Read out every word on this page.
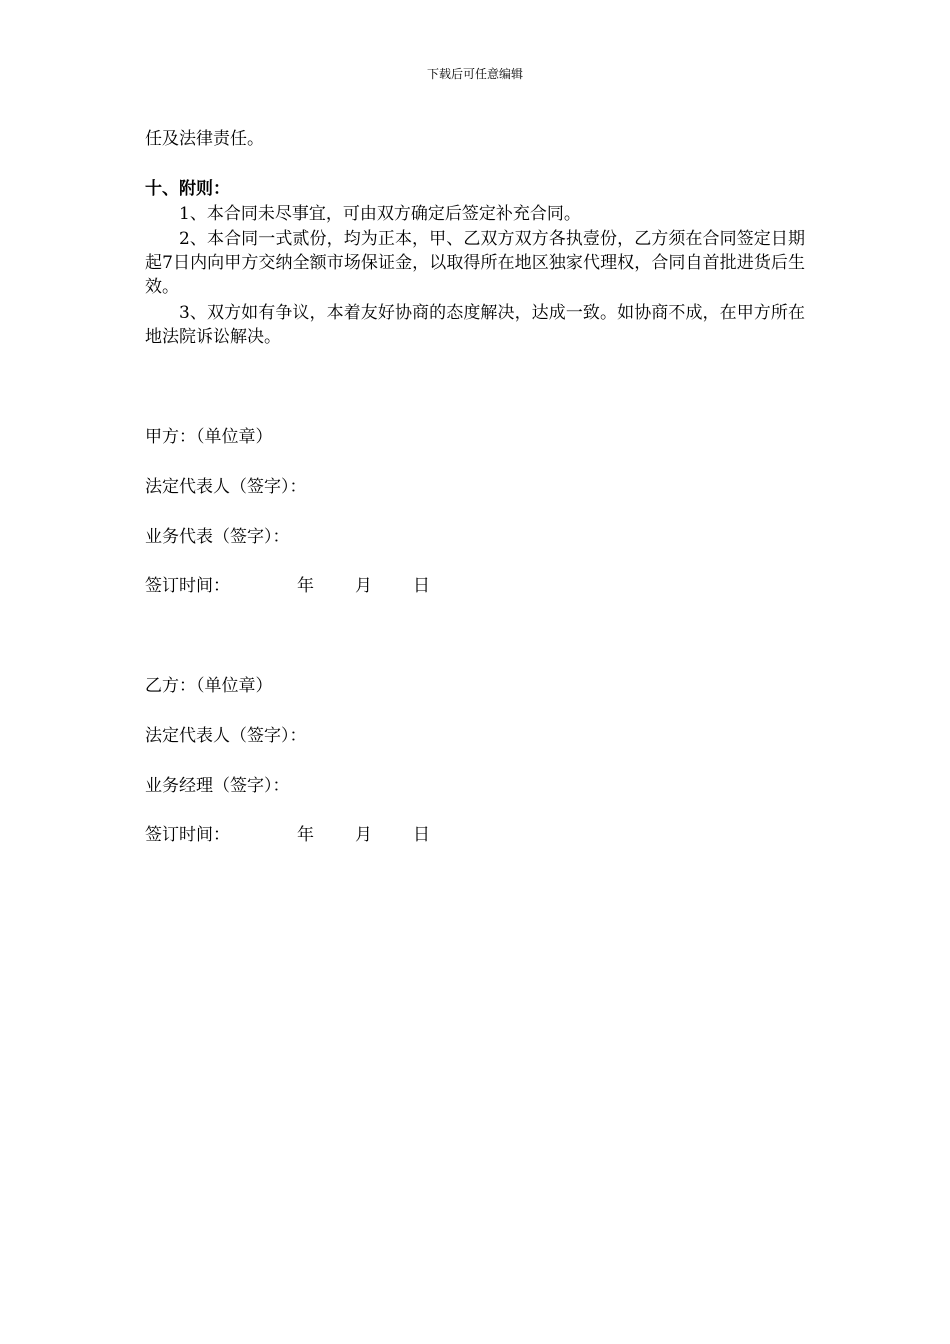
下载后可任意编辑
任及法律责任。
十、附则：
1、本合同未尽事宜，可由双方确定后签定补充合同。
2、本合同一式贰份，均为正本，甲、乙双方双方各执壹份，乙方须在合同签定日期起7日内向甲方交纳全额市场保证金，以取得所在地区独家代理权，合同自首批进货后生效。
3、双方如有争议，本着友好协商的态度解决，达成一致。如协商不成，在甲方所在地法院诉讼解决。
甲方：（单位章）
法定代表人（签字）：
业务代表（签字）：
签订时间：	年 月 日
乙方：（单位章）
法定代表人（签字）：
业务经理（签字）：
签订时间：	年 月 日
